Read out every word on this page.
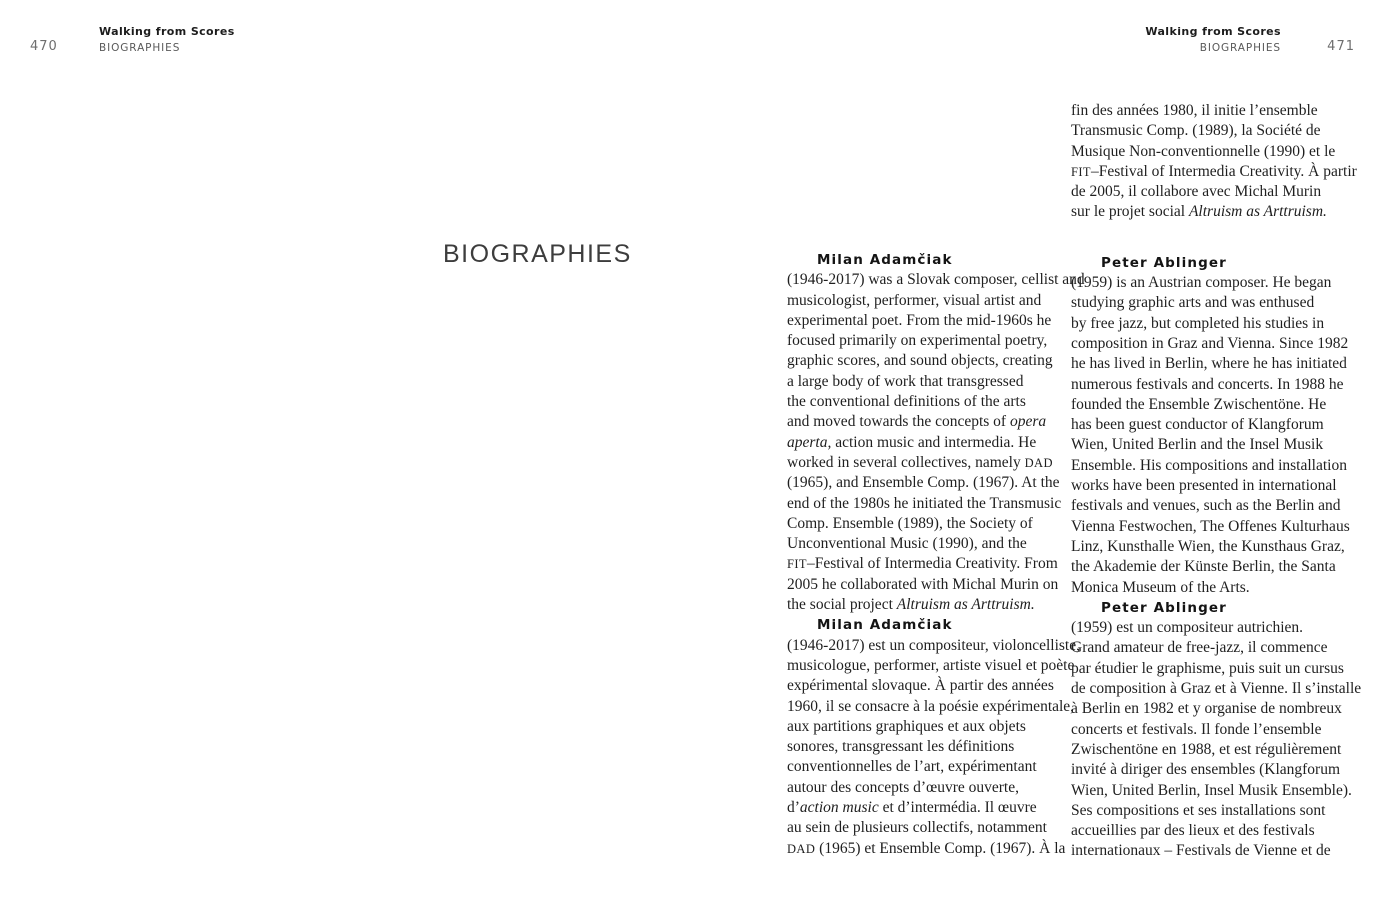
470
Walking from Scores
BIOGRAPHIES
Walking from Scores
BIOGRAPHIES	471
BIOGRAPHIES	Milan Adamčiak
(1946-2017) was a Slovak composer, cellist and
musicologist, performer, visual artist and
experimental poet. From the mid-1960s he
focused primarily on experimental poetry,
graphic scores, and sound objects, creating
a large body of work that transgressed
the conventional definitions of the arts
and moved towards the concepts of opera
aperta, action music and intermedia. He
worked in several collectives, namely DAD
(1965), and Ensemble Comp. (1967). At the
end of the 1980s he initiated the Transmusic
Comp. Ensemble (1989), the Society of
Unconventional Music (1990), and the
FIT–Festival of Intermedia Creativity. From
2005 he collaborated with Michal Murin on
the social project Altruism as Arttruism.
Milan Adamčiak
(1946-2017) est un compositeur, violoncelliste,
musicologue, performer, artiste visuel et poète
expérimental slovaque. À partir des années
1960, il se consacre à la poésie expérimentale,
aux partitions graphiques et aux objets
sonores, transgressant les définitions
conventionnelles de l’art, expérimentant
autour des concepts d’œuvre ouverte,
d’action music et d’intermédia. Il œuvre
au sein de plusieurs collectifs, notamment
DAD (1965) et Ensemble Comp. (1967). À la
fin des années 1980, il initie l’ensemble
Transmusic Comp. (1989), la Société de
Musique Non-conventionnelle (1990) et le
FIT–Festival of Intermedia Creativity. À partir
de 2005, il collabore avec Michal Murin
sur le projet social Altruism as Arttruism.
Peter Ablinger
(1959) is an Austrian composer. He began
studying graphic arts and was enthused
by free jazz, but completed his studies in
composition in Graz and Vienna. Since 1982
he has lived in Berlin, where he has initiated
numerous festivals and concerts. In 1988 he
founded the Ensemble Zwischentöne. He
has been guest conductor of Klangforum
Wien, United Berlin and the Insel Musik
Ensemble. His compositions and installation
works have been presented in international
festivals and venues, such as the Berlin and
Vienna Festwochen, The Offenes Kulturhaus
Linz, Kunsthalle Wien, the Kunsthaus Graz,
the Akademie der Künste Berlin, the Santa
Monica Museum of the Arts.
Peter Ablinger
(1959) est un compositeur autrichien.
Grand amateur de free-jazz, il commence
par étudier le graphisme, puis suit un cursus
de composition à Graz et à Vienne. Il s’installe
à Berlin en 1982 et y organise de nombreux
concerts et festivals. Il fonde l’ensemble
Zwischentöne en 1988, et est régulièrement
invité à diriger des ensembles (Klangforum
Wien, United Berlin, Insel Musik Ensemble).
Ses compositions et ses installations sont
accueillies par des lieux et des festivals
internationaux – Festivals de Vienne et de
